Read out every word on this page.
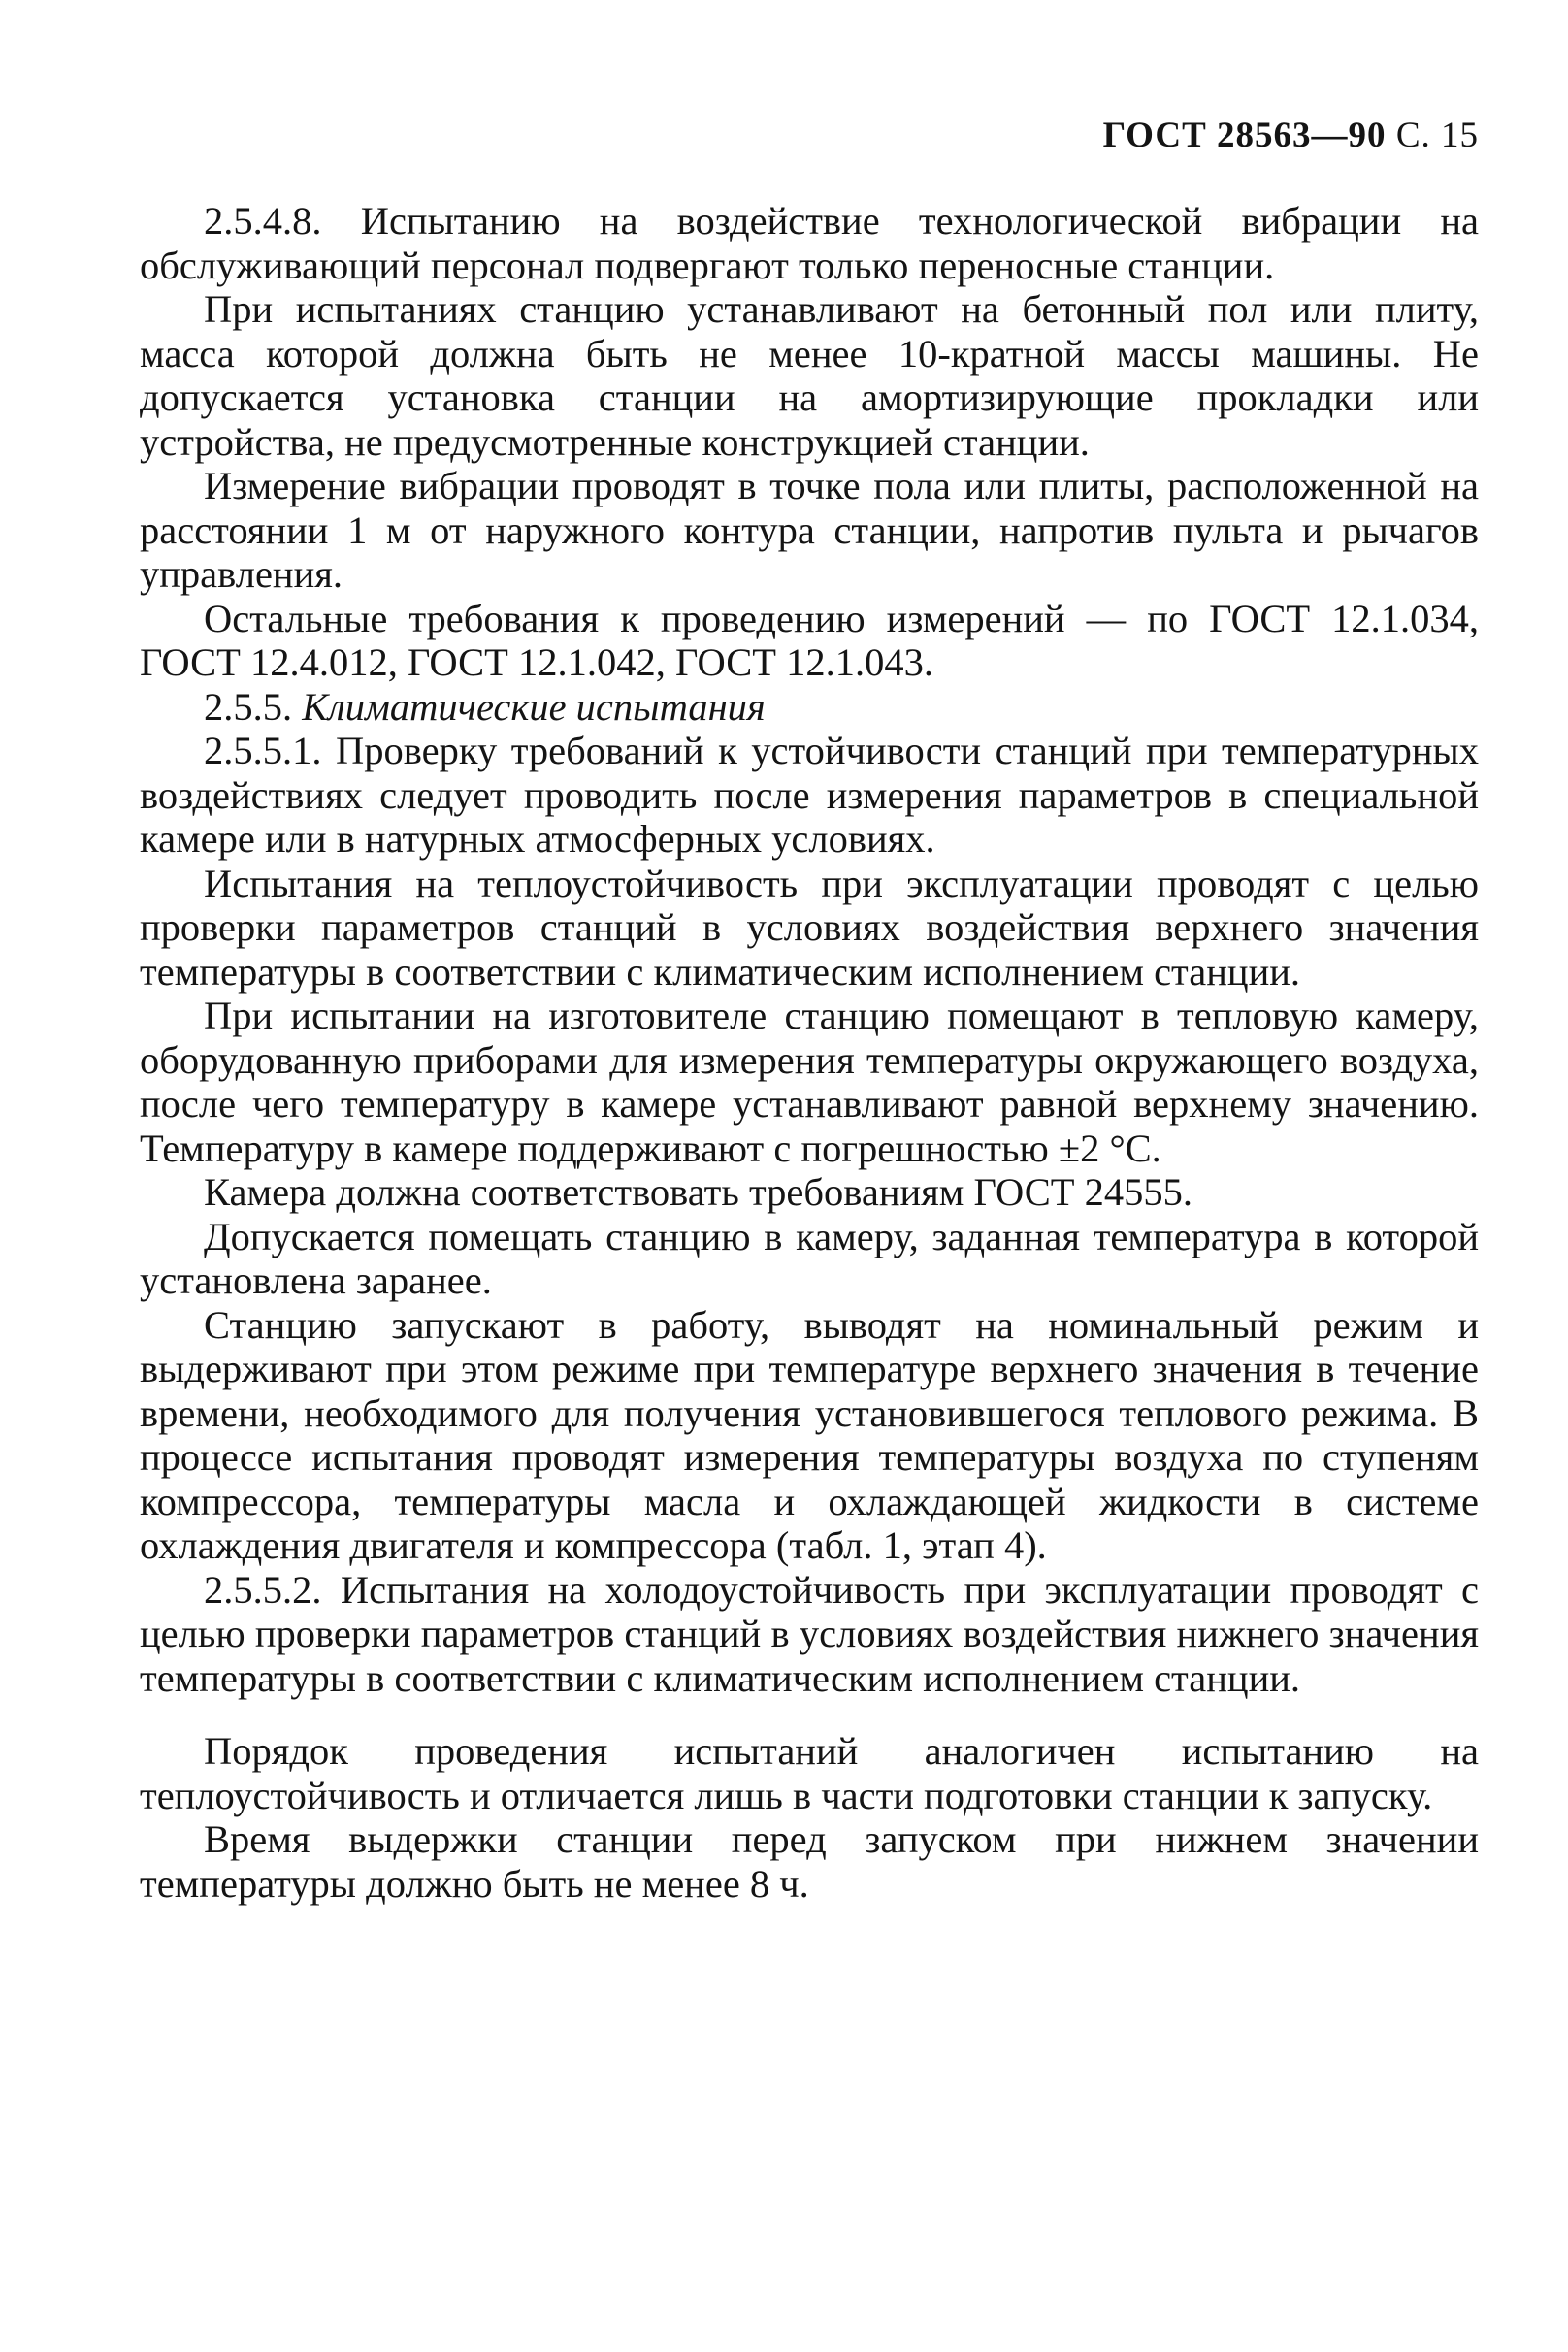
ГОСТ 28563—90 С. 15

2.5.4.8. Испытанию на воздействие технологической вибрации на обслуживающий персонал подвергают только переносные станции.

При испытаниях станцию устанавливают на бетонный пол или плиту, масса которой должна быть не менее 10-кратной массы машины. Не допускается установка станции на амортизирующие прокладки или устройства, не предусмотренные конструкцией станции.

Измерение вибрации проводят в точке пола или плиты, расположенной на расстоянии 1 м от наружного контура станции, напротив пульта и рычагов управления.

Остальные требования к проведению измерений — по ГОСТ 12.1.034, ГОСТ 12.4.012, ГОСТ 12.1.042, ГОСТ 12.1.043.

2.5.5. Климатические испытания

2.5.5.1. Проверку требований к устойчивости станций при температурных воздействиях следует проводить после измерения параметров в специальной камере или в натурных атмосферных условиях.

Испытания на теплоустойчивость при эксплуатации проводят с целью проверки параметров станций в условиях воздействия верхнего значения температуры в соответствии с климатическим исполнением станции.

При испытании на изготовителе станцию помещают в тепловую камеру, оборудованную приборами для измерения температуры окружающего воздуха, после чего температуру в камере устанавливают равной верхнему значению. Температуру в камере поддерживают с погрешностью ±2 °С.

Камера должна соответствовать требованиям ГОСТ 24555.

Допускается помещать станцию в камеру, заданная температура в которой установлена заранее.

Станцию запускают в работу, выводят на номинальный режим и выдерживают при этом режиме при температуре верхнего значения в течение времени, необходимого для получения установившегося теплового режима. В процессе испытания проводят измерения температуры воздуха по ступеням компрессора, температуры масла и охлаждающей жидкости в системе охлаждения двигателя и компрессора (табл. 1, этап 4).

2.5.5.2. Испытания на холодоустойчивость при эксплуатации проводят с целью проверки параметров станций в условиях воздействия нижнего значения температуры в соответствии с климатическим исполнением станции.

Порядок проведения испытаний аналогичен испытанию на теплоустойчивость и отличается лишь в части подготовки станции к запуску.

Время выдержки станции перед запуском при нижнем значении температуры должно быть не менее 8 ч.
